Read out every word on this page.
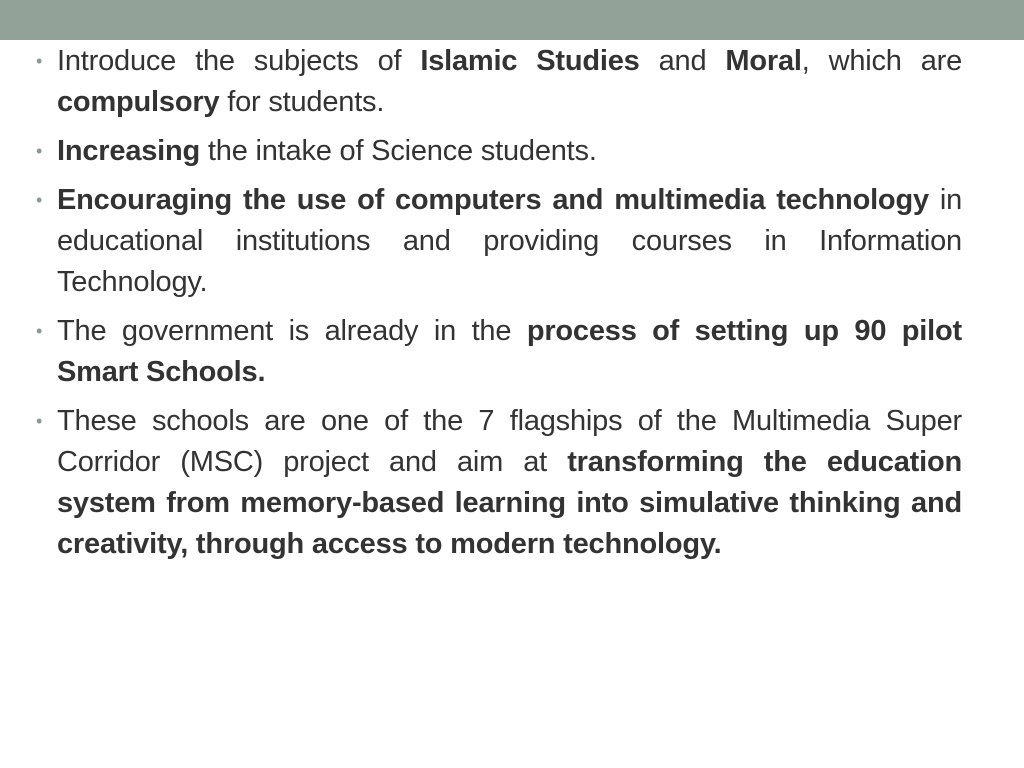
• Introduce the subjects of Islamic Studies and Moral, which are compulsory for students.
• Increasing the intake of Science students.
• Encouraging the use of computers and multimedia technology in educational institutions and providing courses in Information Technology.
• The government is already in the process of setting up 90 pilot Smart Schools.
• These schools are one of the 7 flagships of the Multimedia Super Corridor (MSC) project and aim at transforming the education system from memory-based learning into simulative thinking and creativity, through access to modern technology.
